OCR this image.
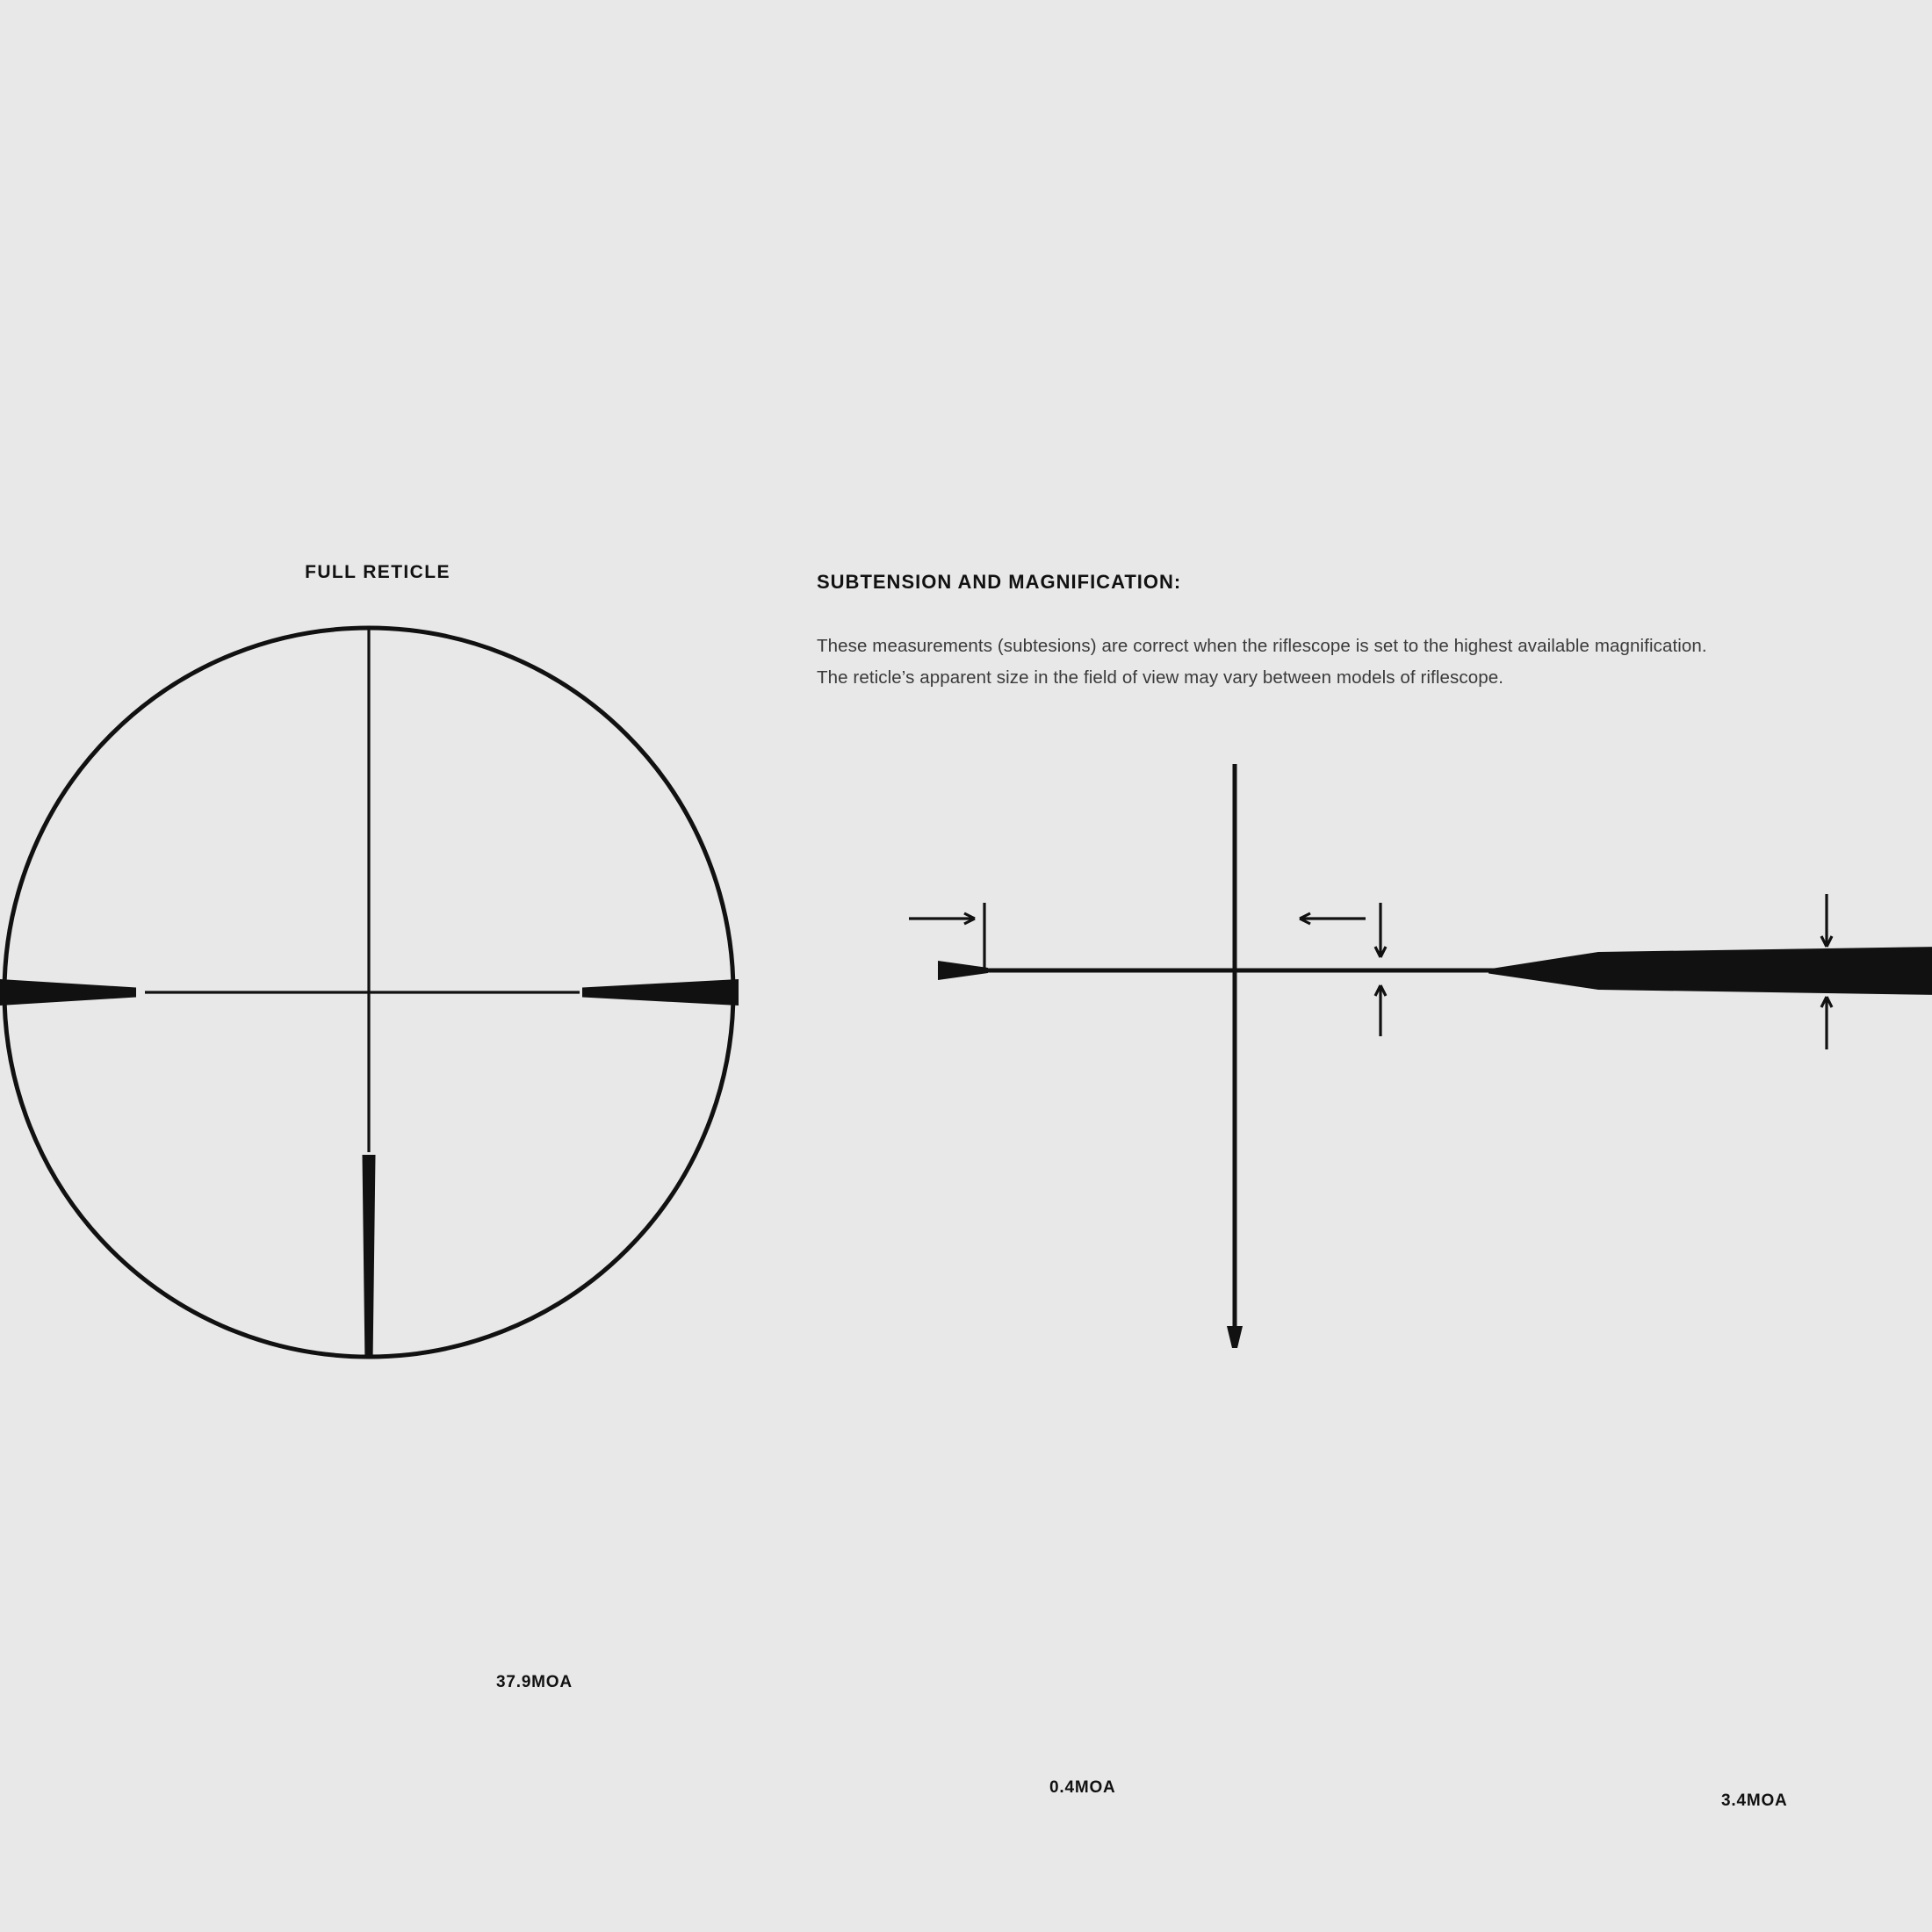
FULL RETICLE	SUBTENSION AND MAGNIFICATION:

These measurements (subtesions) are correct when the riflescope is set to the highest available magnification.

The reticle’s apparent size in the field of view may vary between models of riflescope.

37.9MOA
0.4MOA
3.4MOA
